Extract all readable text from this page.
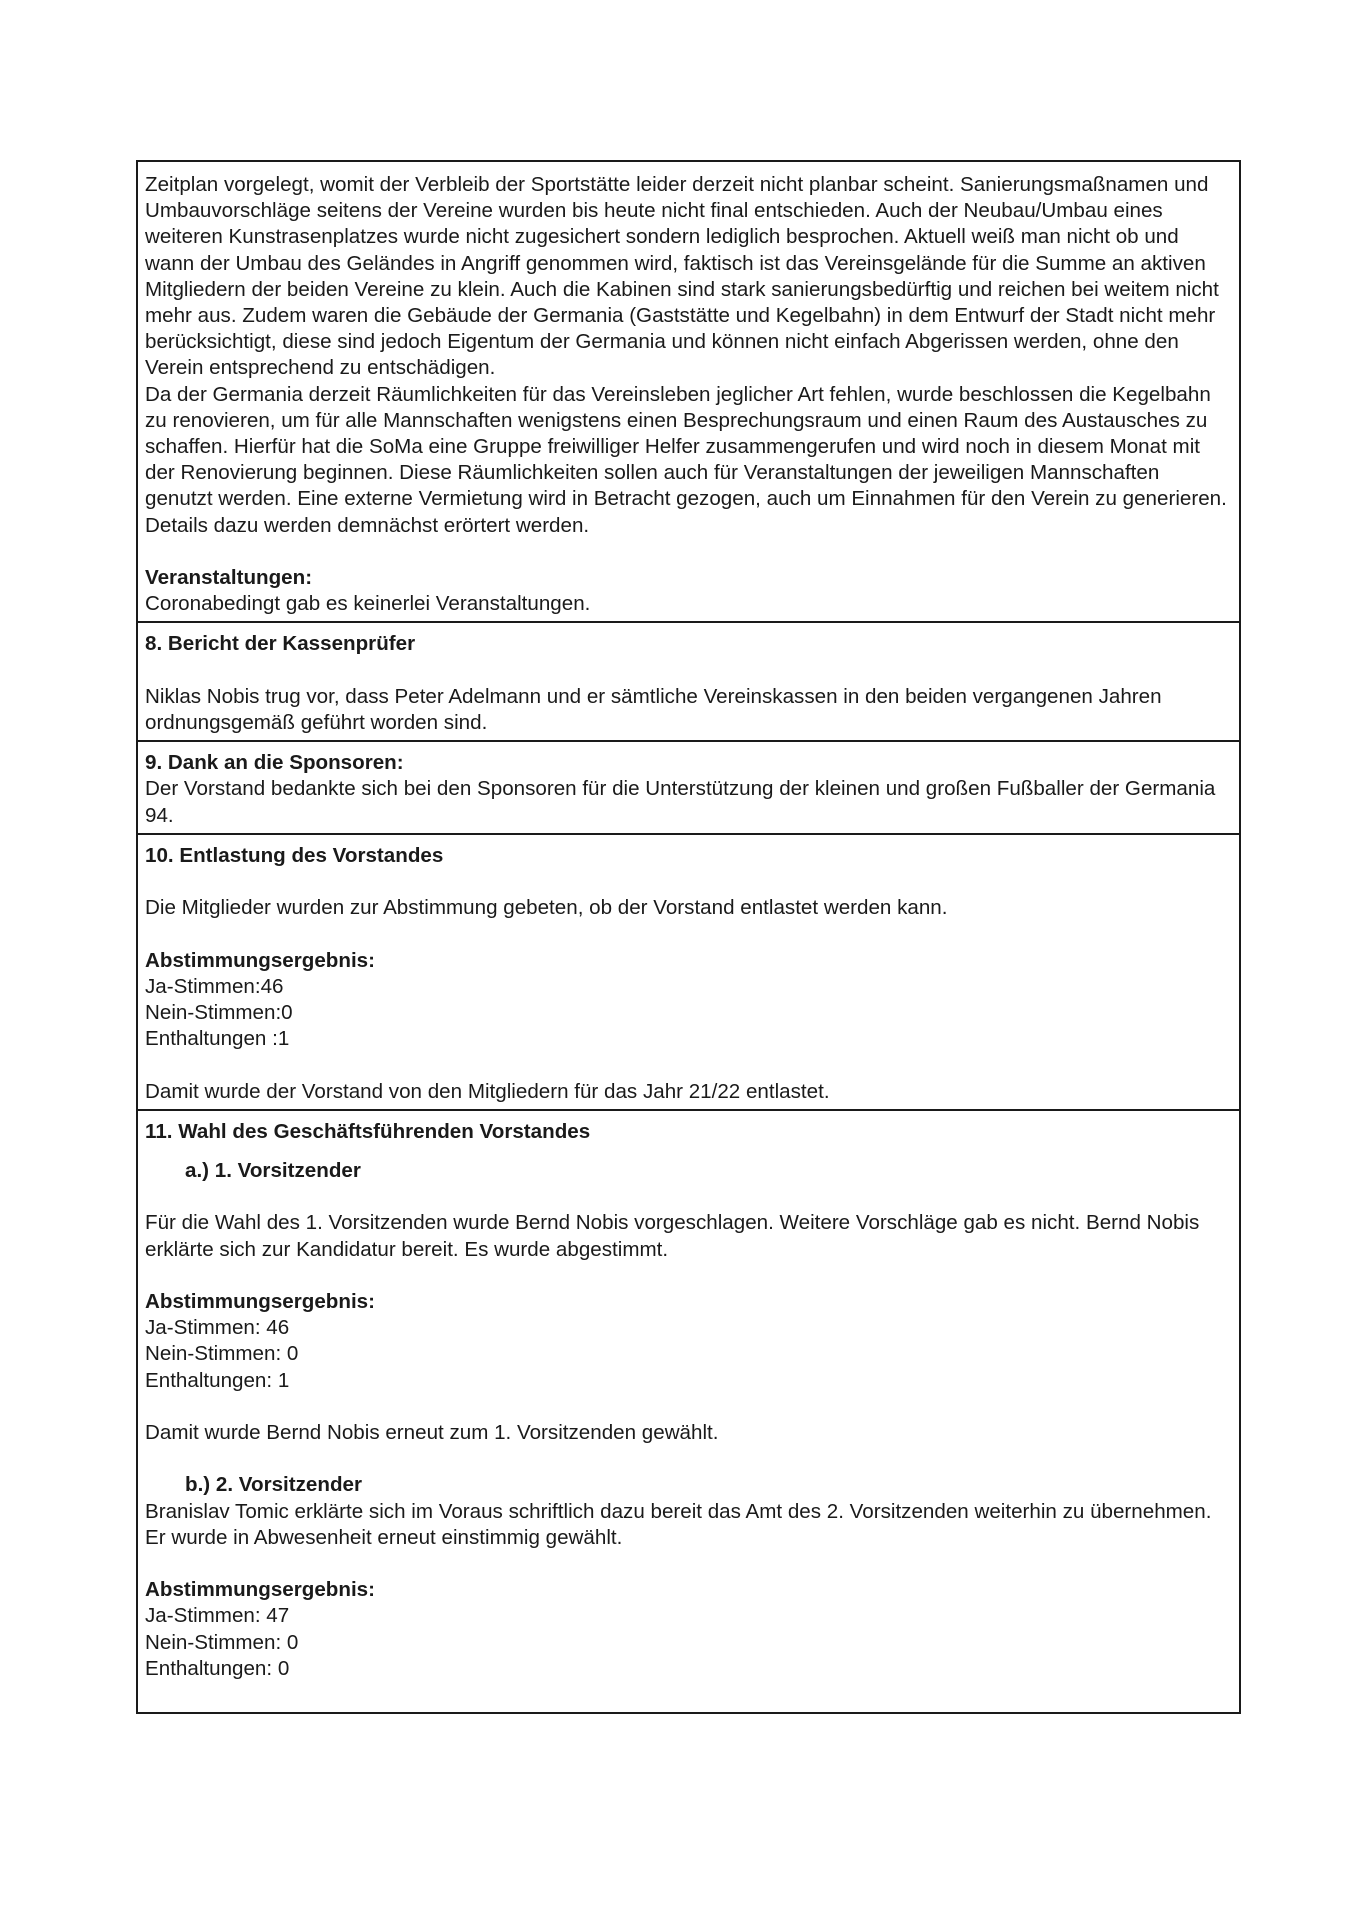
Zeitplan vorgelegt, womit der Verbleib der Sportstätte leider derzeit nicht planbar scheint. Sanierungsmaßnamen und Umbauvorschläge seitens der Vereine wurden bis heute nicht final entschieden. Auch der Neubau/Umbau eines weiteren Kunstrasenplatzes wurde nicht zugesichert sondern lediglich besprochen. Aktuell weiß man nicht ob und wann der Umbau des Geländes in Angriff genommen wird, faktisch ist das Vereinsgelände für die Summe an aktiven Mitgliedern der beiden Vereine zu klein. Auch die Kabinen sind stark sanierungsbedürftig und reichen bei weitem nicht mehr aus. Zudem waren die Gebäude der Germania (Gaststätte und Kegelbahn) in dem Entwurf der Stadt nicht mehr berücksichtigt, diese sind jedoch Eigentum der Germania und können nicht einfach Abgerissen werden, ohne den Verein entsprechend zu entschädigen.

Da der Germania derzeit Räumlichkeiten für das Vereinsleben jeglicher Art fehlen, wurde beschlossen die Kegelbahn zu renovieren, um für alle Mannschaften wenigstens einen Besprechungsraum und einen Raum des Austausches zu schaffen. Hierfür hat die SoMa eine Gruppe freiwilliger Helfer zusammengerufen und wird noch in diesem Monat mit der Renovierung beginnen. Diese Räumlichkeiten sollen auch für Veranstaltungen der jeweiligen Mannschaften genutzt werden. Eine externe Vermietung wird in Betracht gezogen, auch um Einnahmen für den Verein zu generieren. Details dazu werden demnächst erörtert werden.

Veranstaltungen:

Coronabedingt gab es keinerlei Veranstaltungen.

8. Bericht der Kassenprüfer

Niklas Nobis trug vor, dass Peter Adelmann und er sämtliche Vereinskassen in den beiden vergangenen Jahren ordnungsgemäß geführt worden sind.

9. Dank an die Sponsoren:

Der Vorstand bedankte sich bei den Sponsoren für die Unterstützung der kleinen und großen Fußballer der Germania 94.

10. Entlastung des Vorstandes

Die Mitglieder wurden zur Abstimmung gebeten, ob der Vorstand entlastet werden kann.

Abstimmungsergebnis:

Ja-Stimmen:46

Nein-Stimmen:0

Enthaltungen :1

Damit wurde der Vorstand von den Mitgliedern für das Jahr 21/22 entlastet.

11. Wahl des Geschäftsführenden Vorstandes

a.) 1. Vorsitzender

Für die Wahl des 1. Vorsitzenden wurde Bernd Nobis vorgeschlagen. Weitere Vorschläge gab es nicht. Bernd Nobis erklärte sich zur Kandidatur bereit. Es wurde abgestimmt.

Abstimmungsergebnis:

Ja-Stimmen: 46

Nein-Stimmen: 0

Enthaltungen: 1

Damit wurde Bernd Nobis erneut zum 1. Vorsitzenden gewählt.

b.) 2. Vorsitzender

Branislav Tomic erklärte sich im Voraus schriftlich dazu bereit das Amt des 2. Vorsitzenden weiterhin zu übernehmen. Er wurde in Abwesenheit erneut einstimmig gewählt.

Abstimmungsergebnis:

Ja-Stimmen: 47

Nein-Stimmen: 0

Enthaltungen: 0
